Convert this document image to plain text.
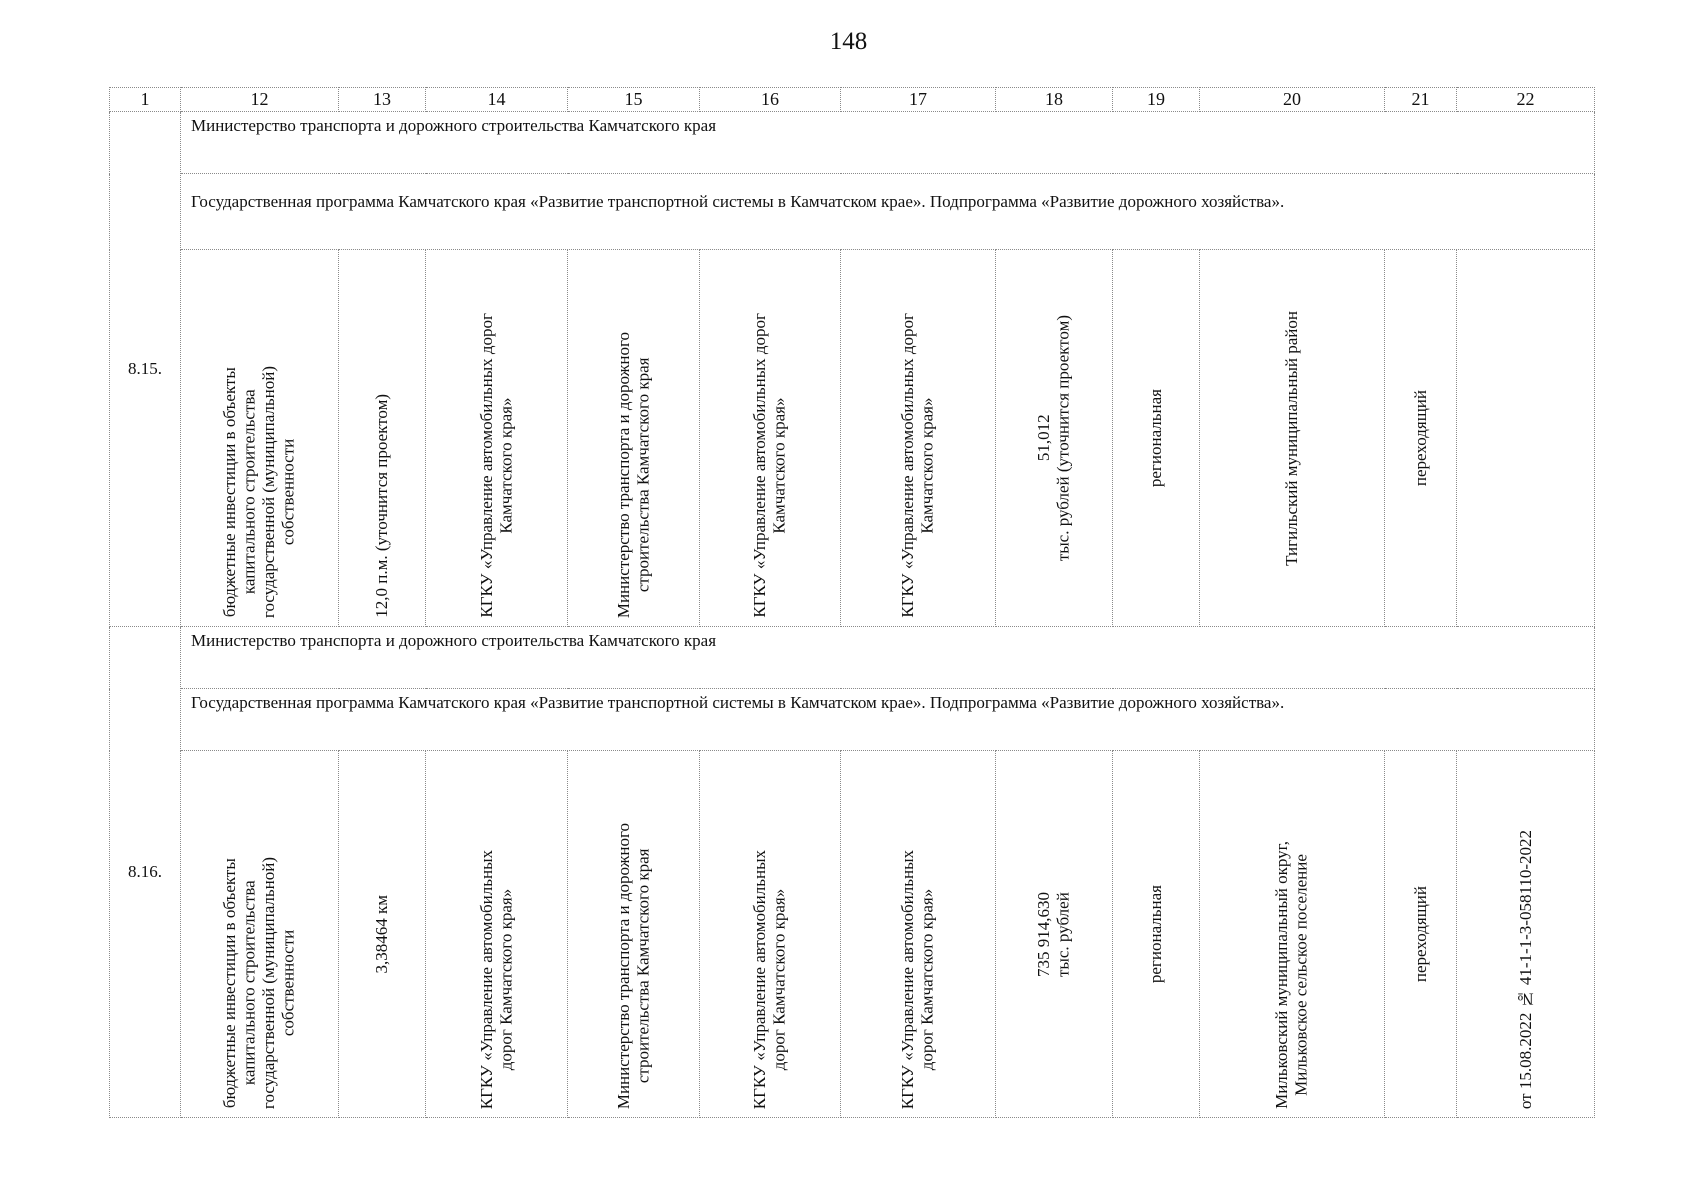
148
1	12	13	14	15	16	17	18	19	20	21	22
8.15.	Министерство транспорта и дорожного строительства Камчатского края										
	Государственная программа Камчатского края «Развитие транспортной системы в Камчатском крае». Подпрограмма «Развитие дорожного хозяйства».										

	бюджетные инвестиции в объекты
капитального строительства
государственной (муниципальной)
собственности	12,0 п.м. (уточнится проектом)	КГКУ «Управление автомобильных дорог
Камчатского края»	Министерство транспорта и дорожного
строительства Камчатского края	КГКУ «Управление автомобильных дорог
Камчатского края»	КГКУ «Управление автомобильных дорог
Камчатского края»	51,012
тыс. рублей (уточнится проектом)	региональная	Тигильский муниципальный район	переходящий	

8.16.	Министерство транспорта и дорожного строительства Камчатского края										
	Государственная программа Камчатского края «Развитие транспортной системы в Камчатском крае». Подпрограмма «Развитие дорожного хозяйства».										

	бюджетные инвестиции в объекты
капитального строительства
государственной (муниципальной)
собственности	3,38464 км	КГКУ «Управление автомобильных
дорог Камчатского края»	Министерство транспорта и дорожного
строительства Камчатского края	КГКУ «Управление автомобильных
дорог Камчатского края»	КГКУ «Управление автомобильных
дорог Камчатского края»	735 914,630
тыс. рублей	региональная	Мильковский муниципальный округ,
Мильковское сельское поселение	переходящий	от 15.08.2022 № 41-1-1-3-058110-2022
